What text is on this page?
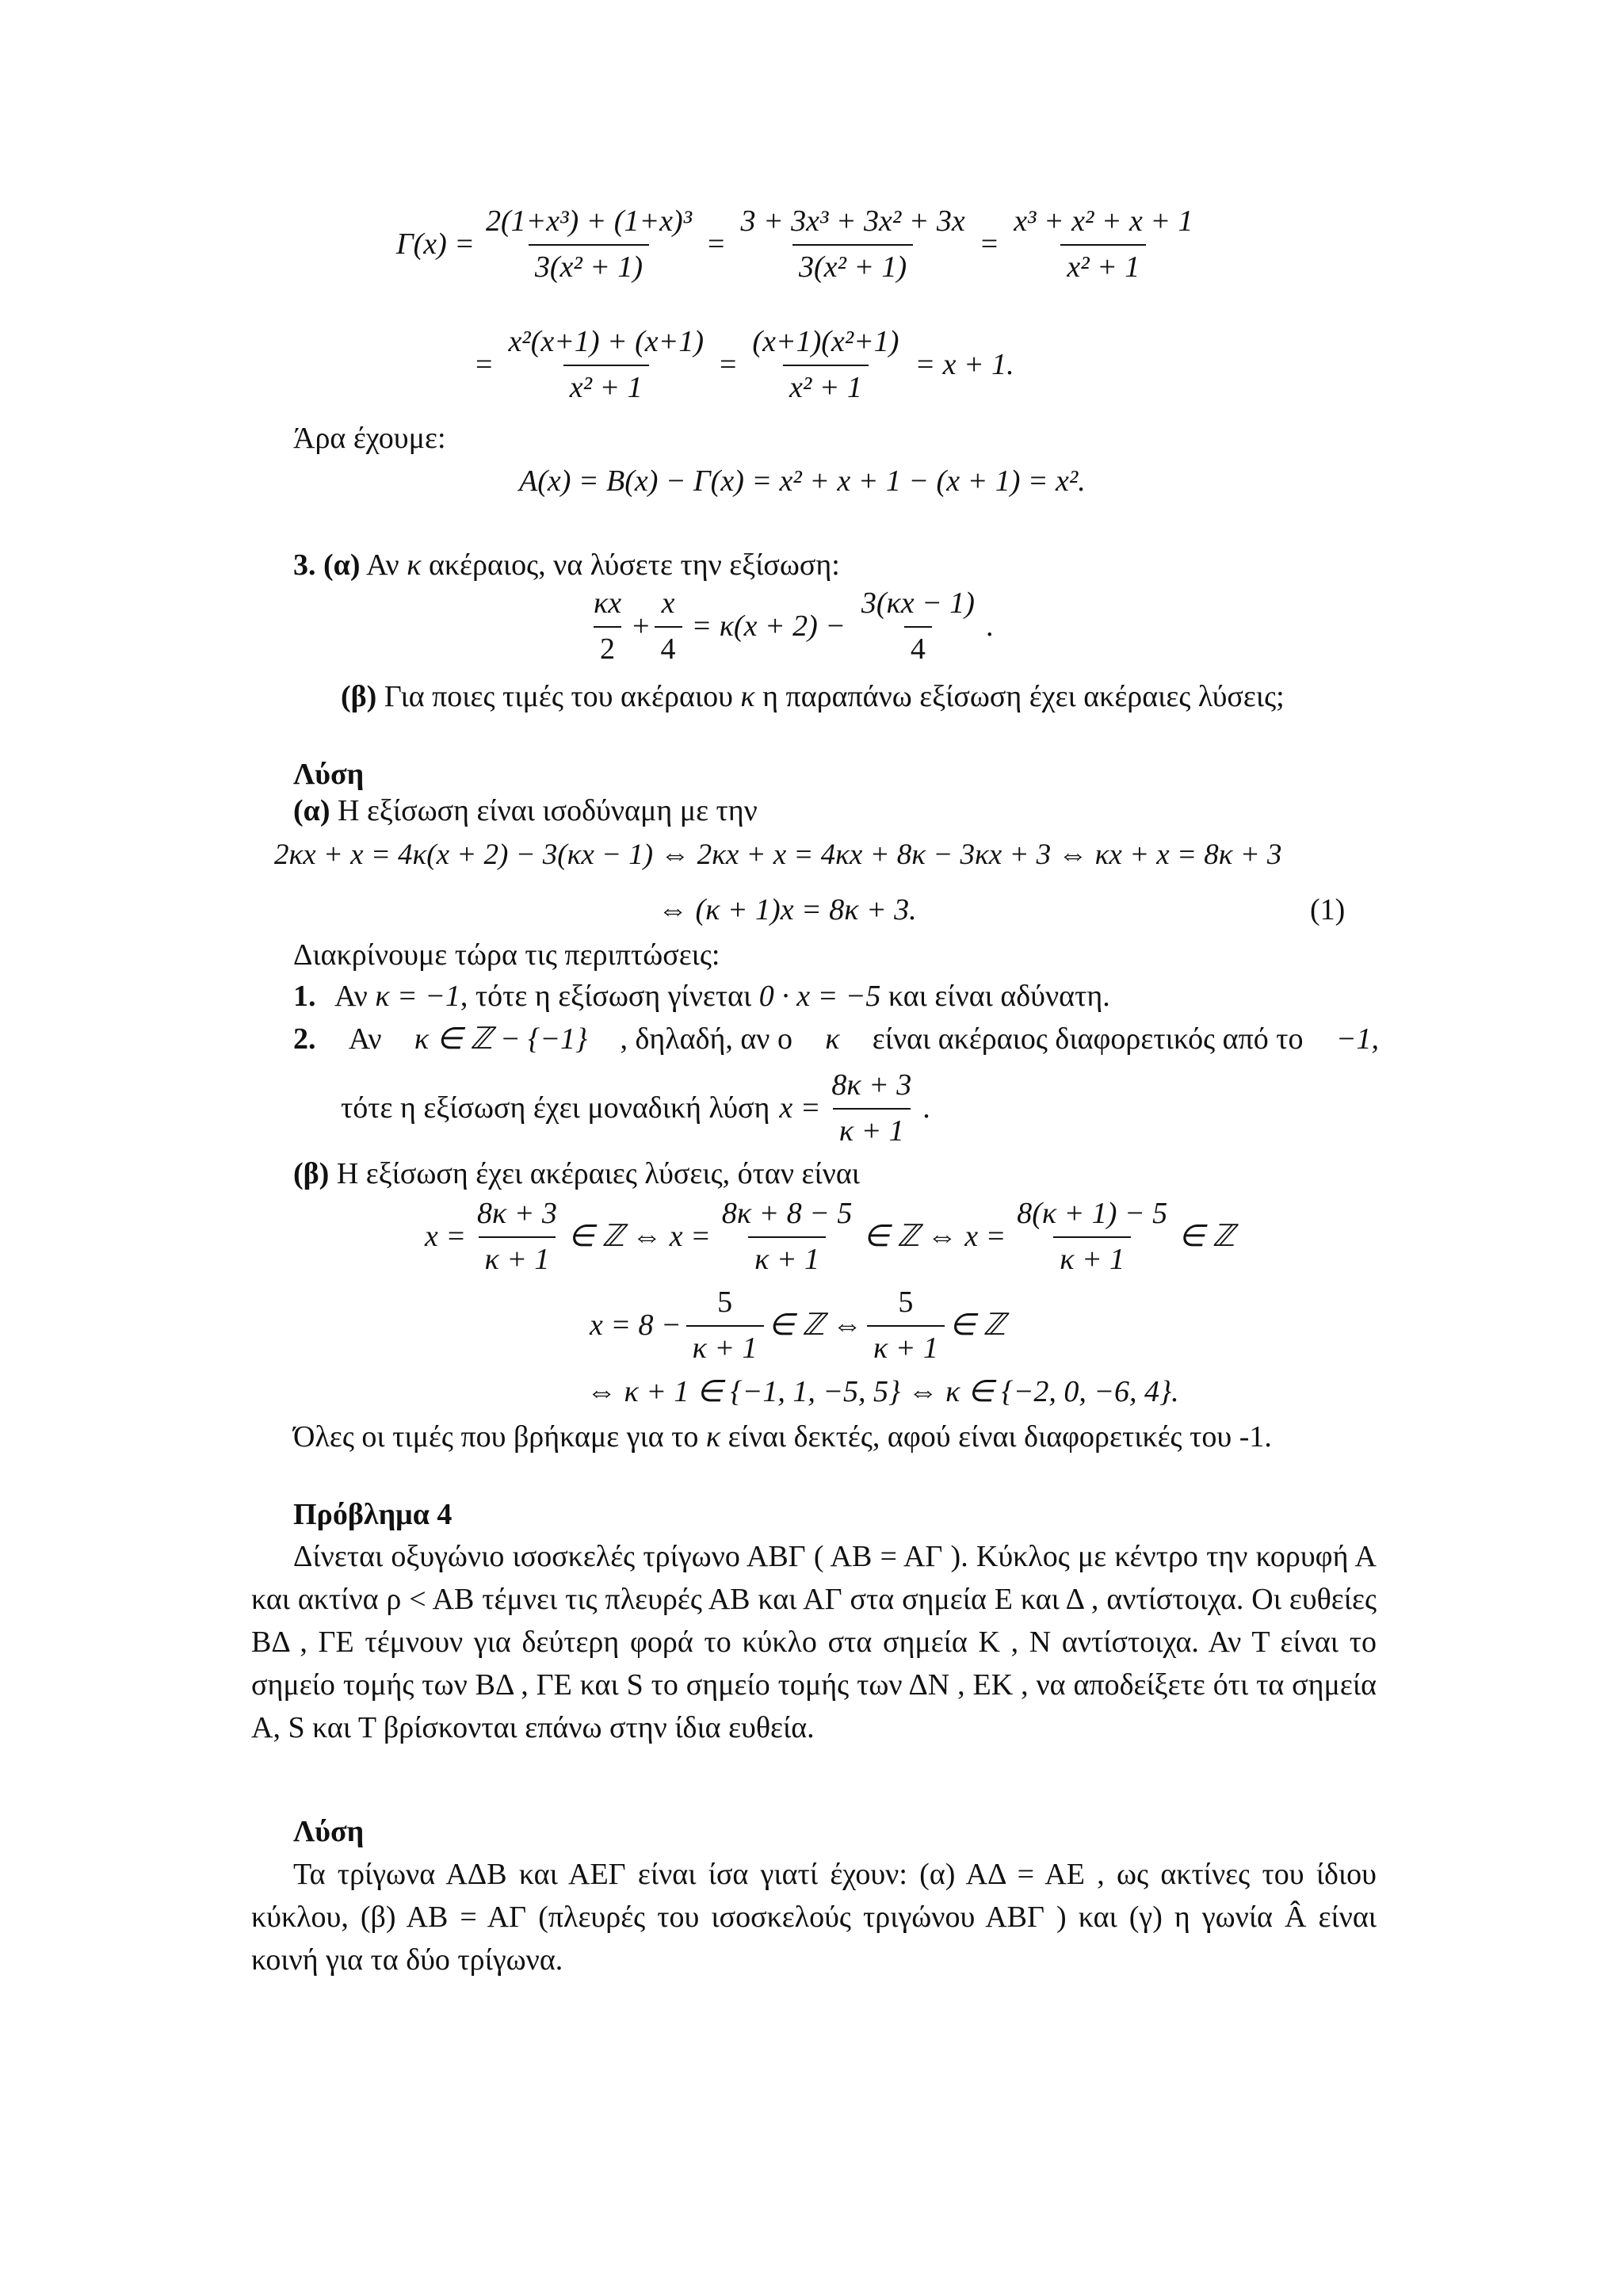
$\Gamma(x) = \frac{\text{2(1+x³) + (1+x)³}}{\text{3(x² + 1)}} = \frac{\text{3 + 3x³ + 3x² + 3x}}{\text{3(x² + 1)}} = \frac{\text{x³ + x² + x + 1}}{\text{x² + 1}}$
= $\frac{\text{x²(x+1) + (x+1)}}{\text{x² + 1}} = \frac{\text{(x+1)(x²+1)}}{\text{x² + 1}} = x + 1$.
Άρα έχουμε:
Α(x) = Β(x) − Γ(x) = x² + x + 1 − (x + 1) = x².
3. (α) Αν κ ακέραιος, να λύσετε την εξίσωση:
$\frac{\kappa x}{2} + \frac{x}{4} = \kappa(x + 2) - \frac{3(\kappa x - 1)}{4}$ .
(β) Για ποιες τιμές του ακέραιου κ η παραπάνω εξίσωση έχει ακέραιες λύσεις;
Λύση
(α) Η εξίσωση είναι ισοδύναμη με την
2κx + x = 4κ(x + 2) − 3(κx − 1) ⇔ 2κx + x = 4κx + 8κ − 3κx + 3 ⇔ κx + x = 8κ + 3
⇔ (κ + 1)x = 8κ + 3.	(1)
Διακρίνουμε τώρα τις περιπτώσεις:
1. Αν κ = −1, τότε η εξίσωση γίνεται 0 · x = −5 και είναι αδύνατη.
2. Αν κ ∈ ℤ − {−1} , δηλαδή, αν ο κ είναι ακέραιος διαφορετικός από το −1,
τότε η εξίσωση έχει μοναδική λύση $x = \frac{8\kappa + 3}{\kappa + 1}$ .
(β) Η εξίσωση έχει ακέραιες λύσεις, όταν είναι
$x = \frac{8\kappa + 3}{\kappa + 1}$ ∈ ℤ ⇔ $x = \frac{8\kappa + 8 - 5}{\kappa + 1}$ ∈ ℤ ⇔ $x = \frac{8(\kappa + 1) - 5}{\kappa + 1}$ ∈ ℤ
$x = 8 - \frac{5}{\kappa + 1}$ ∈ ℤ ⇔ $\frac{5}{\kappa + 1}$ ∈ ℤ
⇔ κ + 1 ∈ {−1, 1, −5, 5} ⇔ κ ∈ {−2, 0, −6, 4}.
Όλες οι τιμές που βρήκαμε για το κ είναι δεκτές, αφού είναι διαφορετικές του -1.
Πρόβλημα 4
Δίνεται οξυγώνιο ισοσκελές τρίγωνο ΑΒΓ ( ΑΒ = ΑΓ ). Κύκλος με κέντρο την κορυφή Α και ακτίνα ρ < ΑΒ τέμνει τις πλευρές ΑΒ και ΑΓ στα σημεία Ε και Δ , αντίστοιχα. Οι ευθείες ΒΔ , ΓΕ τέμνουν για δεύτερη φορά το κύκλο στα σημεία Κ , Ν αντίστοιχα. Αν Τ είναι το σημείο τομής των ΒΔ , ΓΕ και S το σημείο τομής των ΔΝ , ΕΚ , να αποδείξετε ότι τα σημεία Α, S και Τ βρίσκονται επάνω στην ίδια ευθεία.
Λύση
Τα τρίγωνα ΑΔΒ και ΑΕΓ είναι ίσα γιατί έχουν: (α) ΑΔ = ΑΕ , ως ακτίνες του ίδιου κύκλου, (β) ΑΒ = ΑΓ (πλευρές του ισοσκελούς τριγώνου ΑΒΓ ) και (γ) η γωνία Â είναι κοινή για τα δύο τρίγωνα.
